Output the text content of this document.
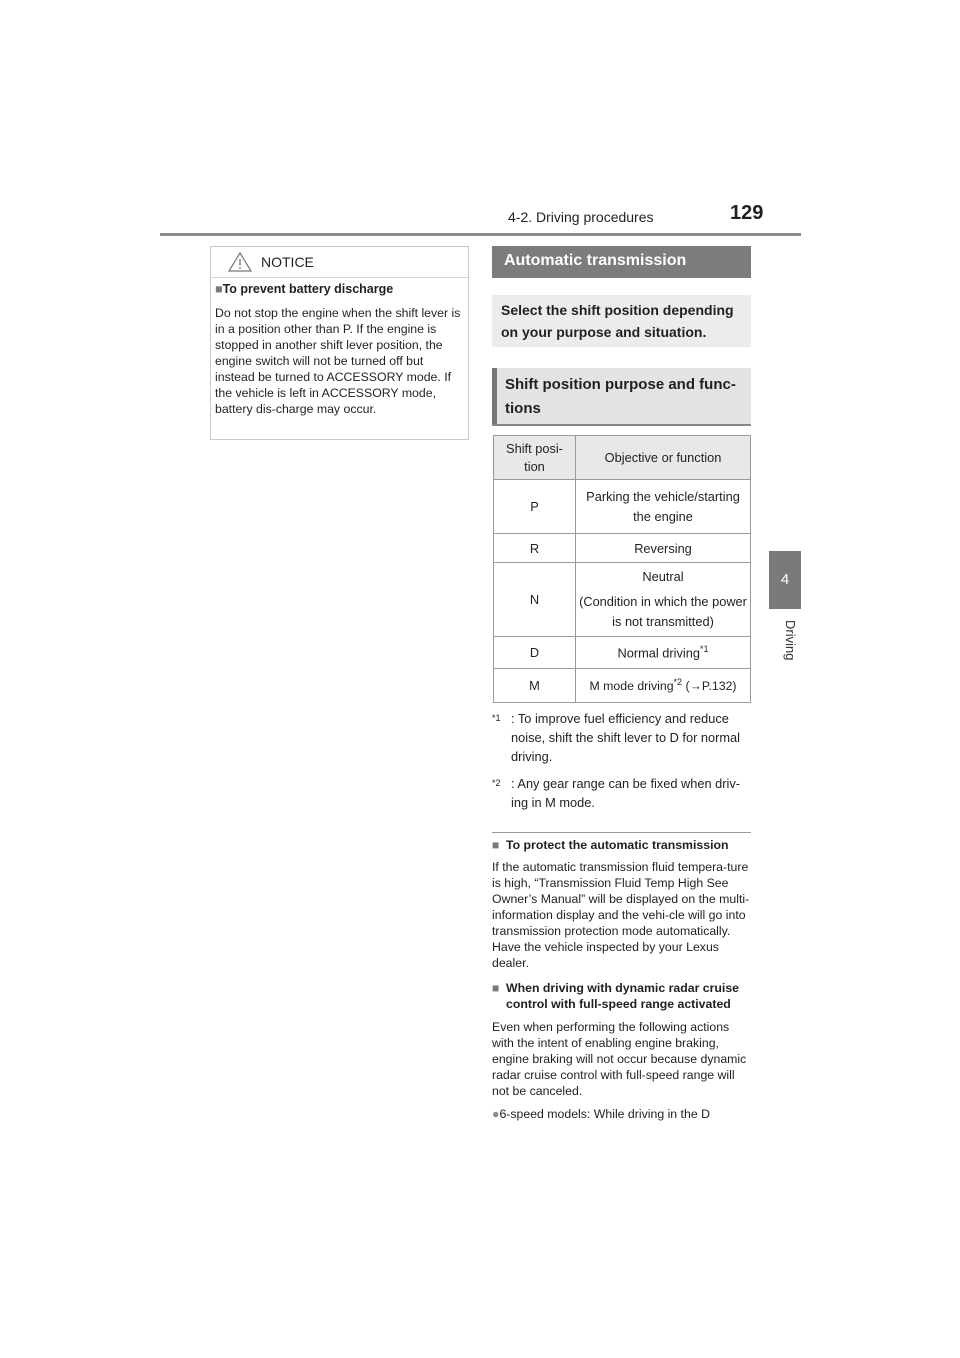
4-2. Driving procedures	129
4
Driving
NOTICE
■To prevent battery discharge
Do not stop the engine when the shift lever is in a position other than P. If the engine is stopped in another shift lever position, the engine switch will not be turned off but instead be turned to ACCESSORY mode. If the vehicle is left in ACCESSORY mode, battery dis-charge may occur.
Automatic transmission
Select the shift position depending on your purpose and situation.
Shift position purpose and func-tions
Shift posi-tion	Objective or function
P	Parking the vehicle/starting the engine
R	Reversing
N	Neutral
(Condition in which the power is not transmitted)

D	Normal driving$^{*1}$
M	M mode driving$^{*2}$ (→P.132)
*1 : To improve fuel efficiency and reduce noise, shift the shift lever to D for normal driving.
*2 : Any gear range can be fixed when driv-ing in M mode.
■ To protect the automatic transmission
If the automatic transmission fluid tempera-ture is high, “Transmission Fluid Temp High See Owner’s Manual” will be displayed on the multi-information display and the vehi-cle will go into transmission protection mode automatically. Have the vehicle inspected by your Lexus dealer.
■ When driving with dynamic radar cruise control with full-speed range activated
Even when performing the following actions with the intent of enabling engine braking, engine braking will not occur because dynamic radar cruise control with full-speed range will not be canceled.
●6-speed models: While driving in the D
